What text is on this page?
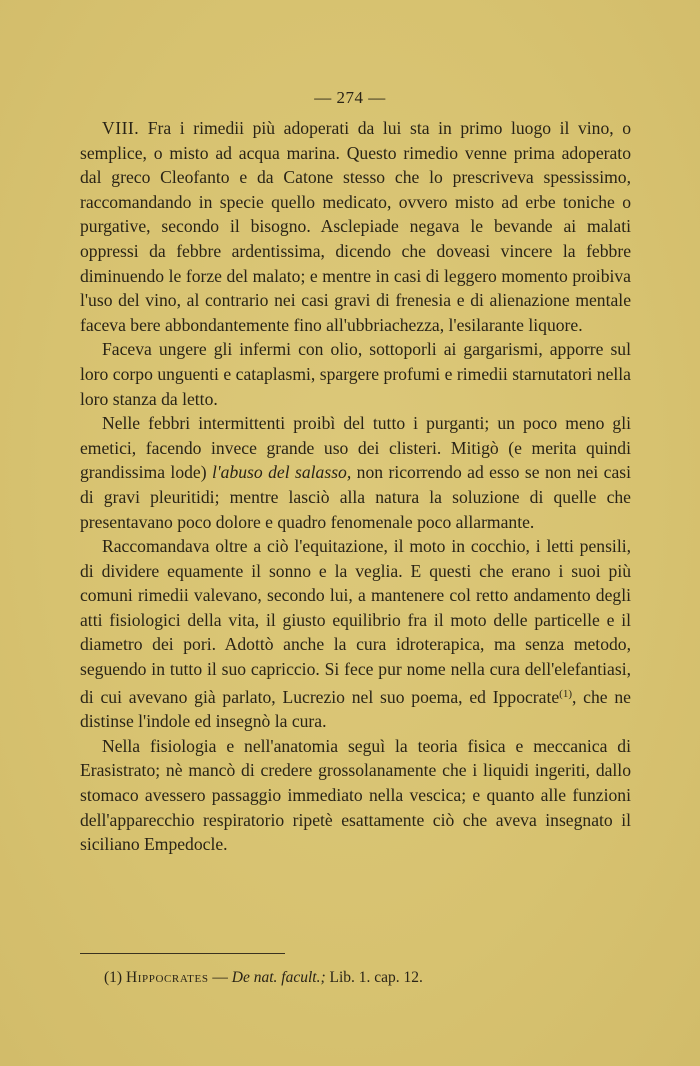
— 274 —

VIII. Fra i rimedii più adoperati da lui sta in primo luogo il vino, o semplice, o misto ad acqua marina. Questo rimedio venne prima adoperato dal greco Cleofanto e da Catone stesso che lo prescriveva spessissimo, raccomandando in specie quello medicato, ovvero misto ad erbe toniche o purgative, secondo il bisogno. Asclepiade negava le bevande ai malati oppressi da febbre ardentissima, dicendo che doveasi vincere la febbre diminuendo le forze del malato; e mentre in casi di leggero momento proibiva l'uso del vino, al contrario nei casi gravi di frenesia e di alienazione mentale faceva bere abbondantemente fino all'ubbriachezza, l'esilarante liquore.

Faceva ungere gli infermi con olio, sottoporli ai gargarismi, apporre sul loro corpo unguenti e cataplasmi, spargere profumi e rimedii starnutatori nella loro stanza da letto.

Nelle febbri intermittenti proibì del tutto i purganti; un poco meno gli emetici, facendo invece grande uso dei clisteri. Mitigò (e merita quindi grandissima lode) l'abuso del salasso, non ricorrendo ad esso se non nei casi di gravi pleuritidi; mentre lasciò alla natura la soluzione di quelle che presentavano poco dolore e quadro fenomenale poco allarmante.

Raccomandava oltre a ciò l'equitazione, il moto in cocchio, i letti pensili, di dividere equamente il sonno e la veglia. E questi che erano i suoi più comuni rimedii valevano, secondo lui, a mantenere col retto andamento degli atti fisiologici della vita, il giusto equilibrio fra il moto delle particelle e il diametro dei pori. Adottò anche la cura idroterapica, ma senza metodo, seguendo in tutto il suo capriccio. Si fece pur nome nella cura dell'elefantiasi, di cui avevano già parlato, Lucrezio nel suo poema, ed Ippocrate$^{(1)}$, che ne distinse l'indole ed insegnò la cura.

Nella fisiologia e nell'anatomia seguì la teoria fisica e meccanica di Erasistrato; nè mancò di credere grossolanamente che i liquidi ingeriti, dallo stomaco avessero passaggio immediato nella vescica; e quanto alle funzioni dell'apparecchio respiratorio ripetè esattamente ciò che aveva insegnato il siciliano Empedocle.

(1) Hippocrates — De nat. facult.; Lib. 1. cap. 12.
